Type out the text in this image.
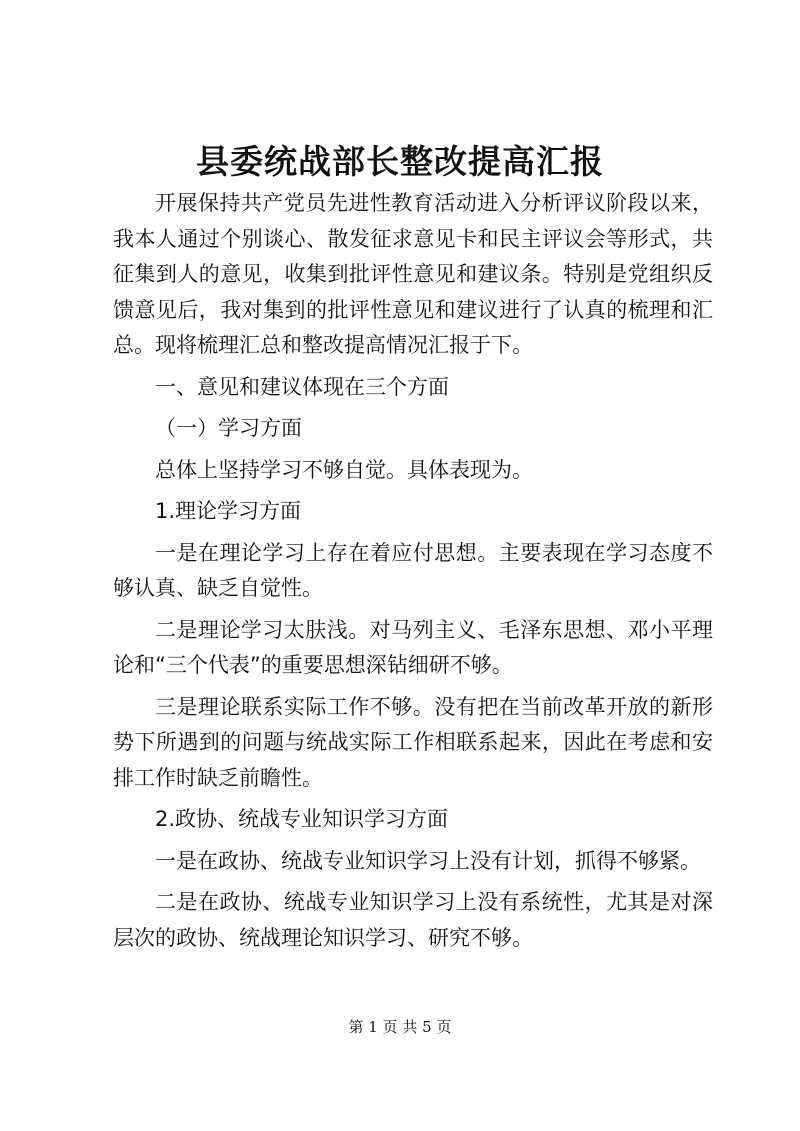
县委统战部长整改提高汇报

开展保持共产党员先进性教育活动进入分析评议阶段以来，我本人通过个别谈心、散发征求意见卡和民主评议会等形式，共征集到人的意见，收集到批评性意见和建议条。特别是党组织反馈意见后，我对集到的批评性意见和建议进行了认真的梳理和汇总。现将梳理汇总和整改提高情况汇报于下。

一、意见和建议体现在三个方面

（一）学习方面

总体上坚持学习不够自觉。具体表现为。

1.理论学习方面

一是在理论学习上存在着应付思想。主要表现在学习态度不够认真、缺乏自觉性。

二是理论学习太肤浅。对马列主义、毛泽东思想、邓小平理论和“三个代表”的重要思想深钻细研不够。

三是理论联系实际工作不够。没有把在当前改革开放的新形势下所遇到的问题与统战实际工作相联系起来，因此在考虑和安排工作时缺乏前瞻性。

2.政协、统战专业知识学习方面

一是在政协、统战专业知识学习上没有计划，抓得不够紧。

二是在政协、统战专业知识学习上没有系统性，尤其是对深层次的政协、统战理论知识学习、研究不够。

第 1 页 共 5 页
